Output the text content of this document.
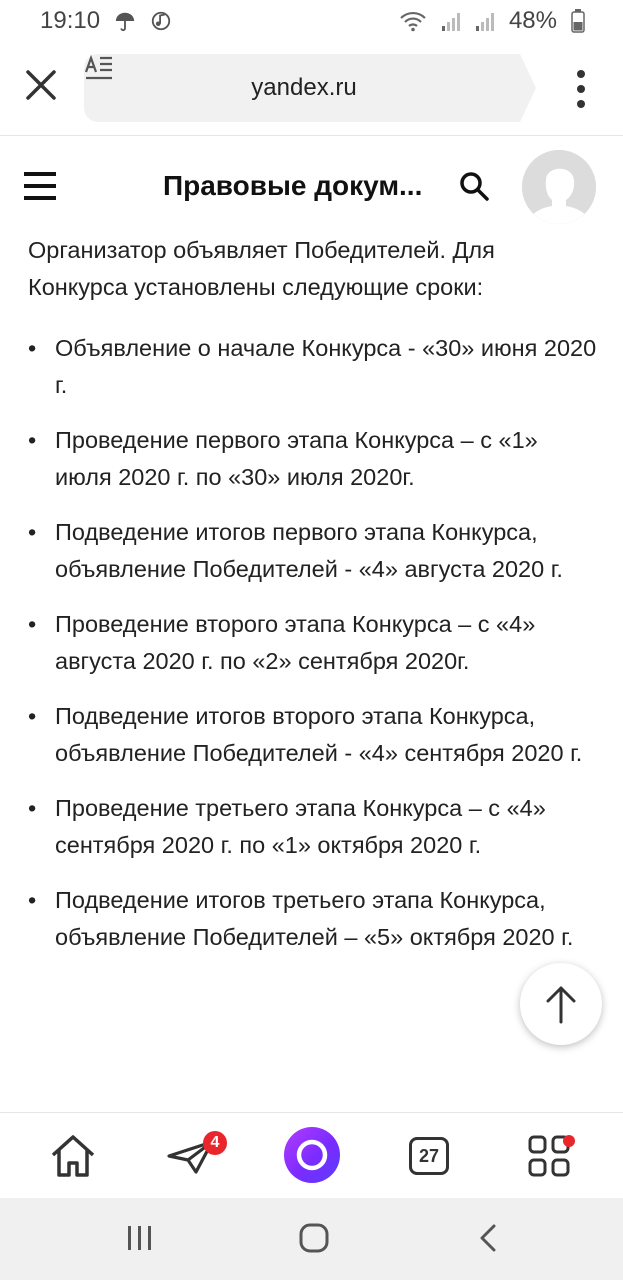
19:10	48%
yandex.ru
Правовые докум...

Организатор объявляет Победителей. Для Конкурса установлены следующие сроки:

• Объявление о начале Конкурса - «30» июня 2020 г.
• Проведение первого этапа Конкурса – с «1» июля 2020 г. по «30» июля 2020г.
• Подведение итогов первого этапа Конкурса, объявление Победителей - «4» августа 2020 г.
• Проведение второго этапа Конкурса – с «4» августа 2020 г. по «2» сентября 2020г.
• Подведение итогов второго этапа Конкурса, объявление Победителей - «4» сентября 2020 г.
• Проведение третьего этапа Конкурса – с «4» сентября 2020 г. по «1» октября 2020 г.
• Подведение итогов третьего этапа Конкурса, объявление Победителей – «5» октября 2020 г.
4
27
